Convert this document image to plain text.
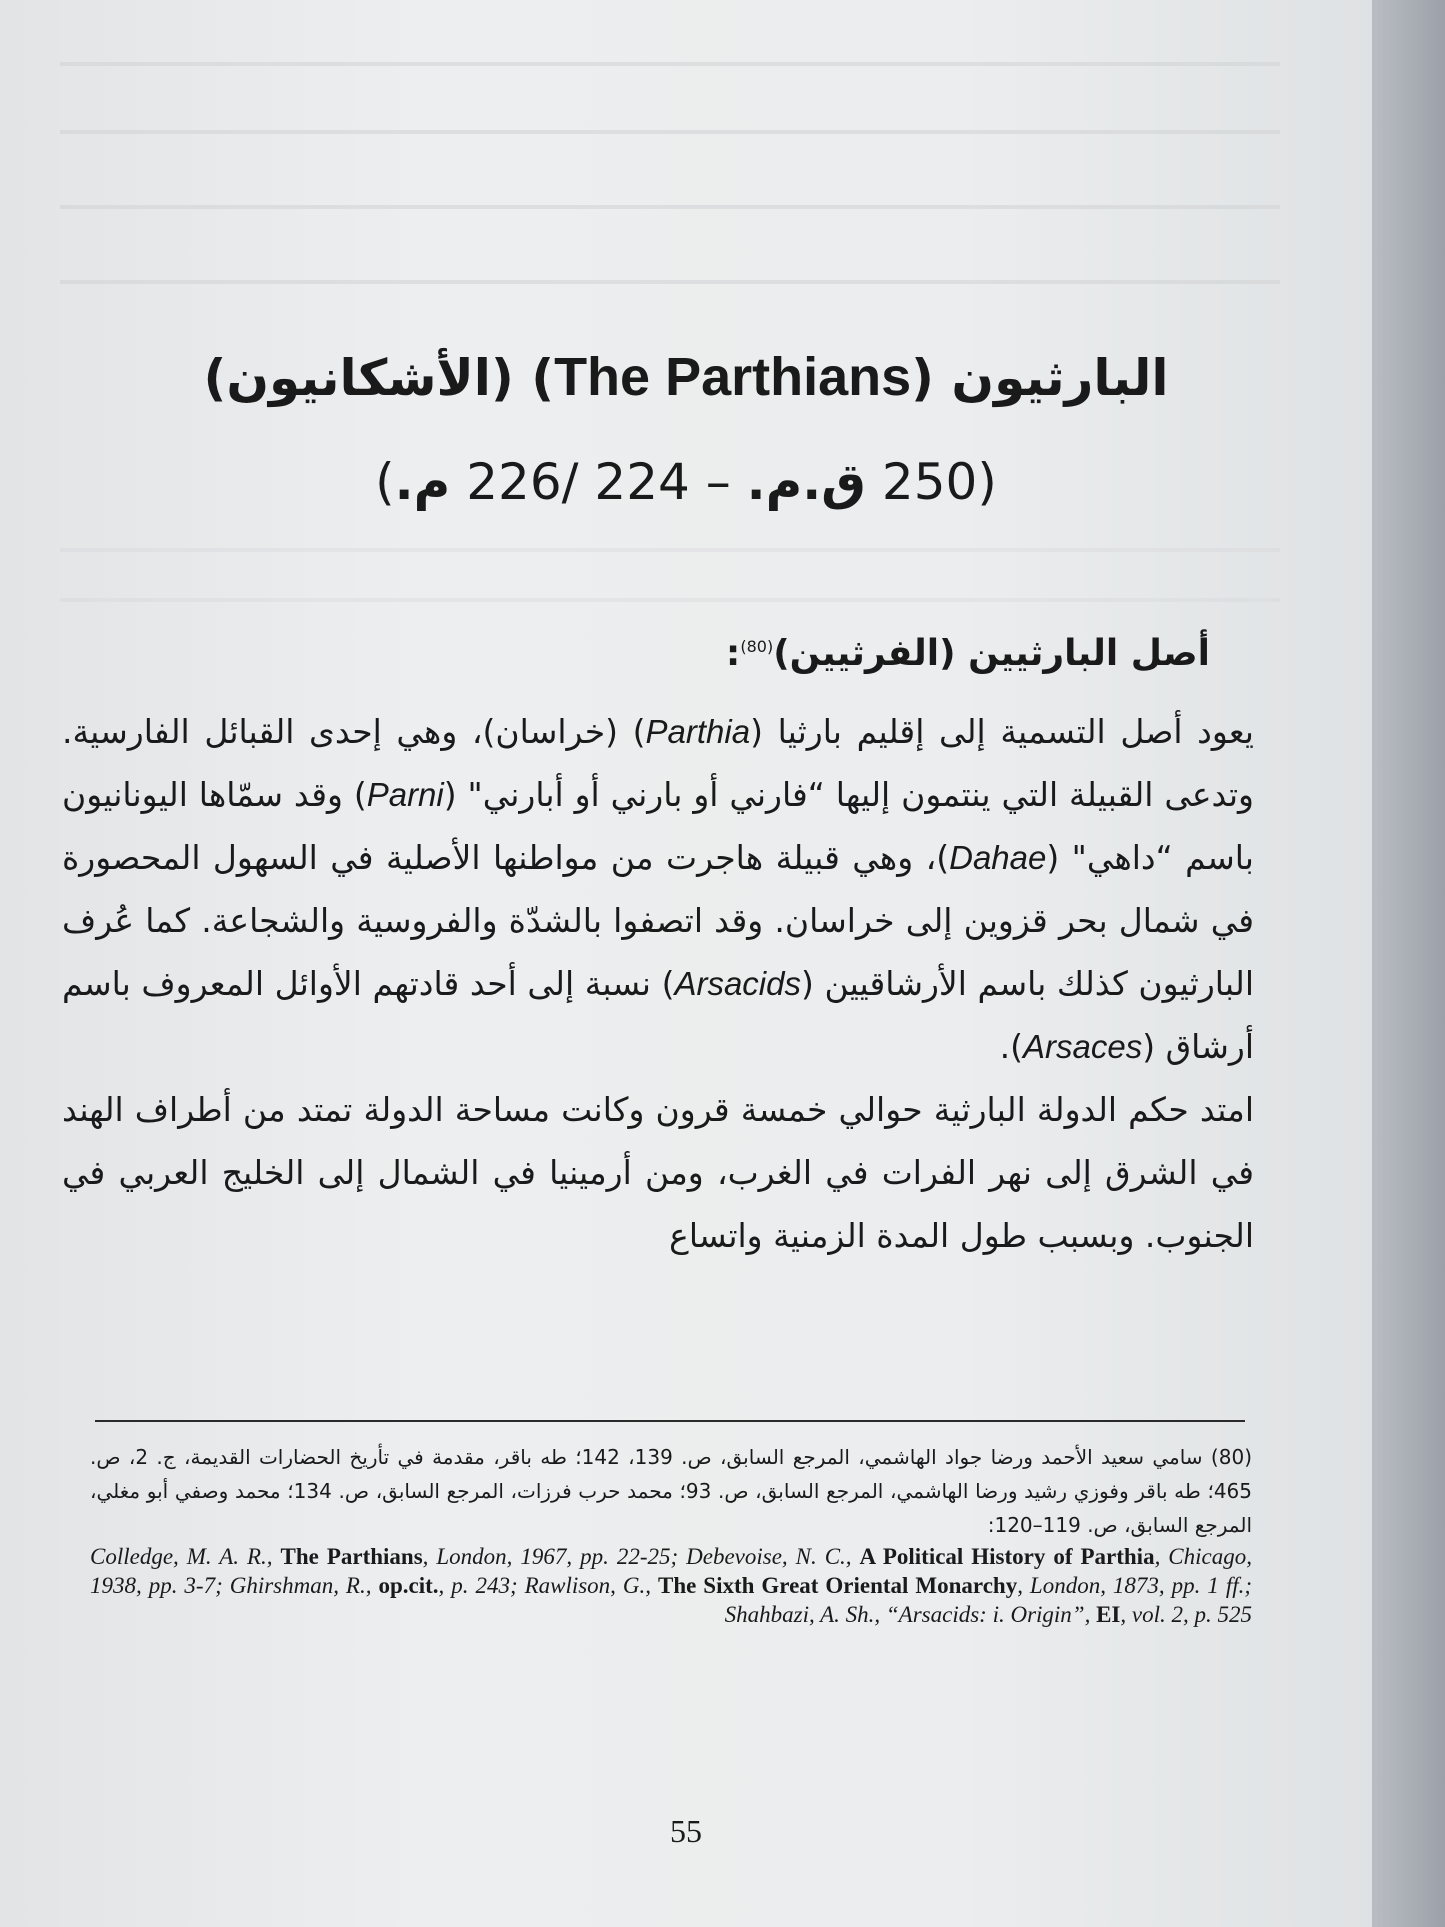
البارثيون (The Parthians) (الأشكانيون)
(250 ق.م. – 224 /226 م.)
أصل البارثيين (الفرثيين)$^{(80)}$:

يعود أصل التسمية إلى إقليم بارثيا (Parthia) (خراسان)، وهي إحدى القبائل الفارسية. وتدعى القبيلة التي ينتمون إليها “فارني أو بارني أو أبارني" (Parni) وقد سمّاها اليونانيون باسم “داهي" (Dahae)، وهي قبيلة هاجرت من مواطنها الأصلية في السهول المحصورة في شمال بحر قزوين إلى خراسان. وقد اتصفوا بالشدّة والفروسية والشجاعة. كما عُرف البارثيون كذلك باسم الأرشاقيين (Arsacids) نسبة إلى أحد قادتهم الأوائل المعروف باسم أرشاق (Arsaces).

امتد حكم الدولة البارثية حوالي خمسة قرون وكانت مساحة الدولة تمتد من أطراف الهند في الشرق إلى نهر الفرات في الغرب، ومن أرمينيا في الشمال إلى الخليج العربي في الجنوب. وبسبب طول المدة الزمنية واتساع

(80) سامي سعيد الأحمد ورضا جواد الهاشمي، المرجع السابق، ص. 139، 142؛ طه باقر، مقدمة في تأريخ الحضارات القديمة، ج. 2، ص. 465؛ طه باقر وفوزي رشيد ورضا الهاشمي، المرجع السابق، ص. 93؛ محمد حرب فرزات، المرجع السابق، ص. 134؛ محمد وصفي أبو مغلي، المرجع السابق، ص. 119–120:

Colledge, M. A. R., The Parthians, London, 1967, pp. 22-25; Debevoise, N. C., A Political History of Parthia, Chicago, 1938, pp. 3-7; Ghirshman, R., op.cit., p. 243; Rawlison, G., The Sixth Great Oriental Monarchy, London, 1873, pp. 1 ff.; Shahbazi, A. Sh., “Arsacids: i. Origin”, EI, vol. 2, p. 525

55
